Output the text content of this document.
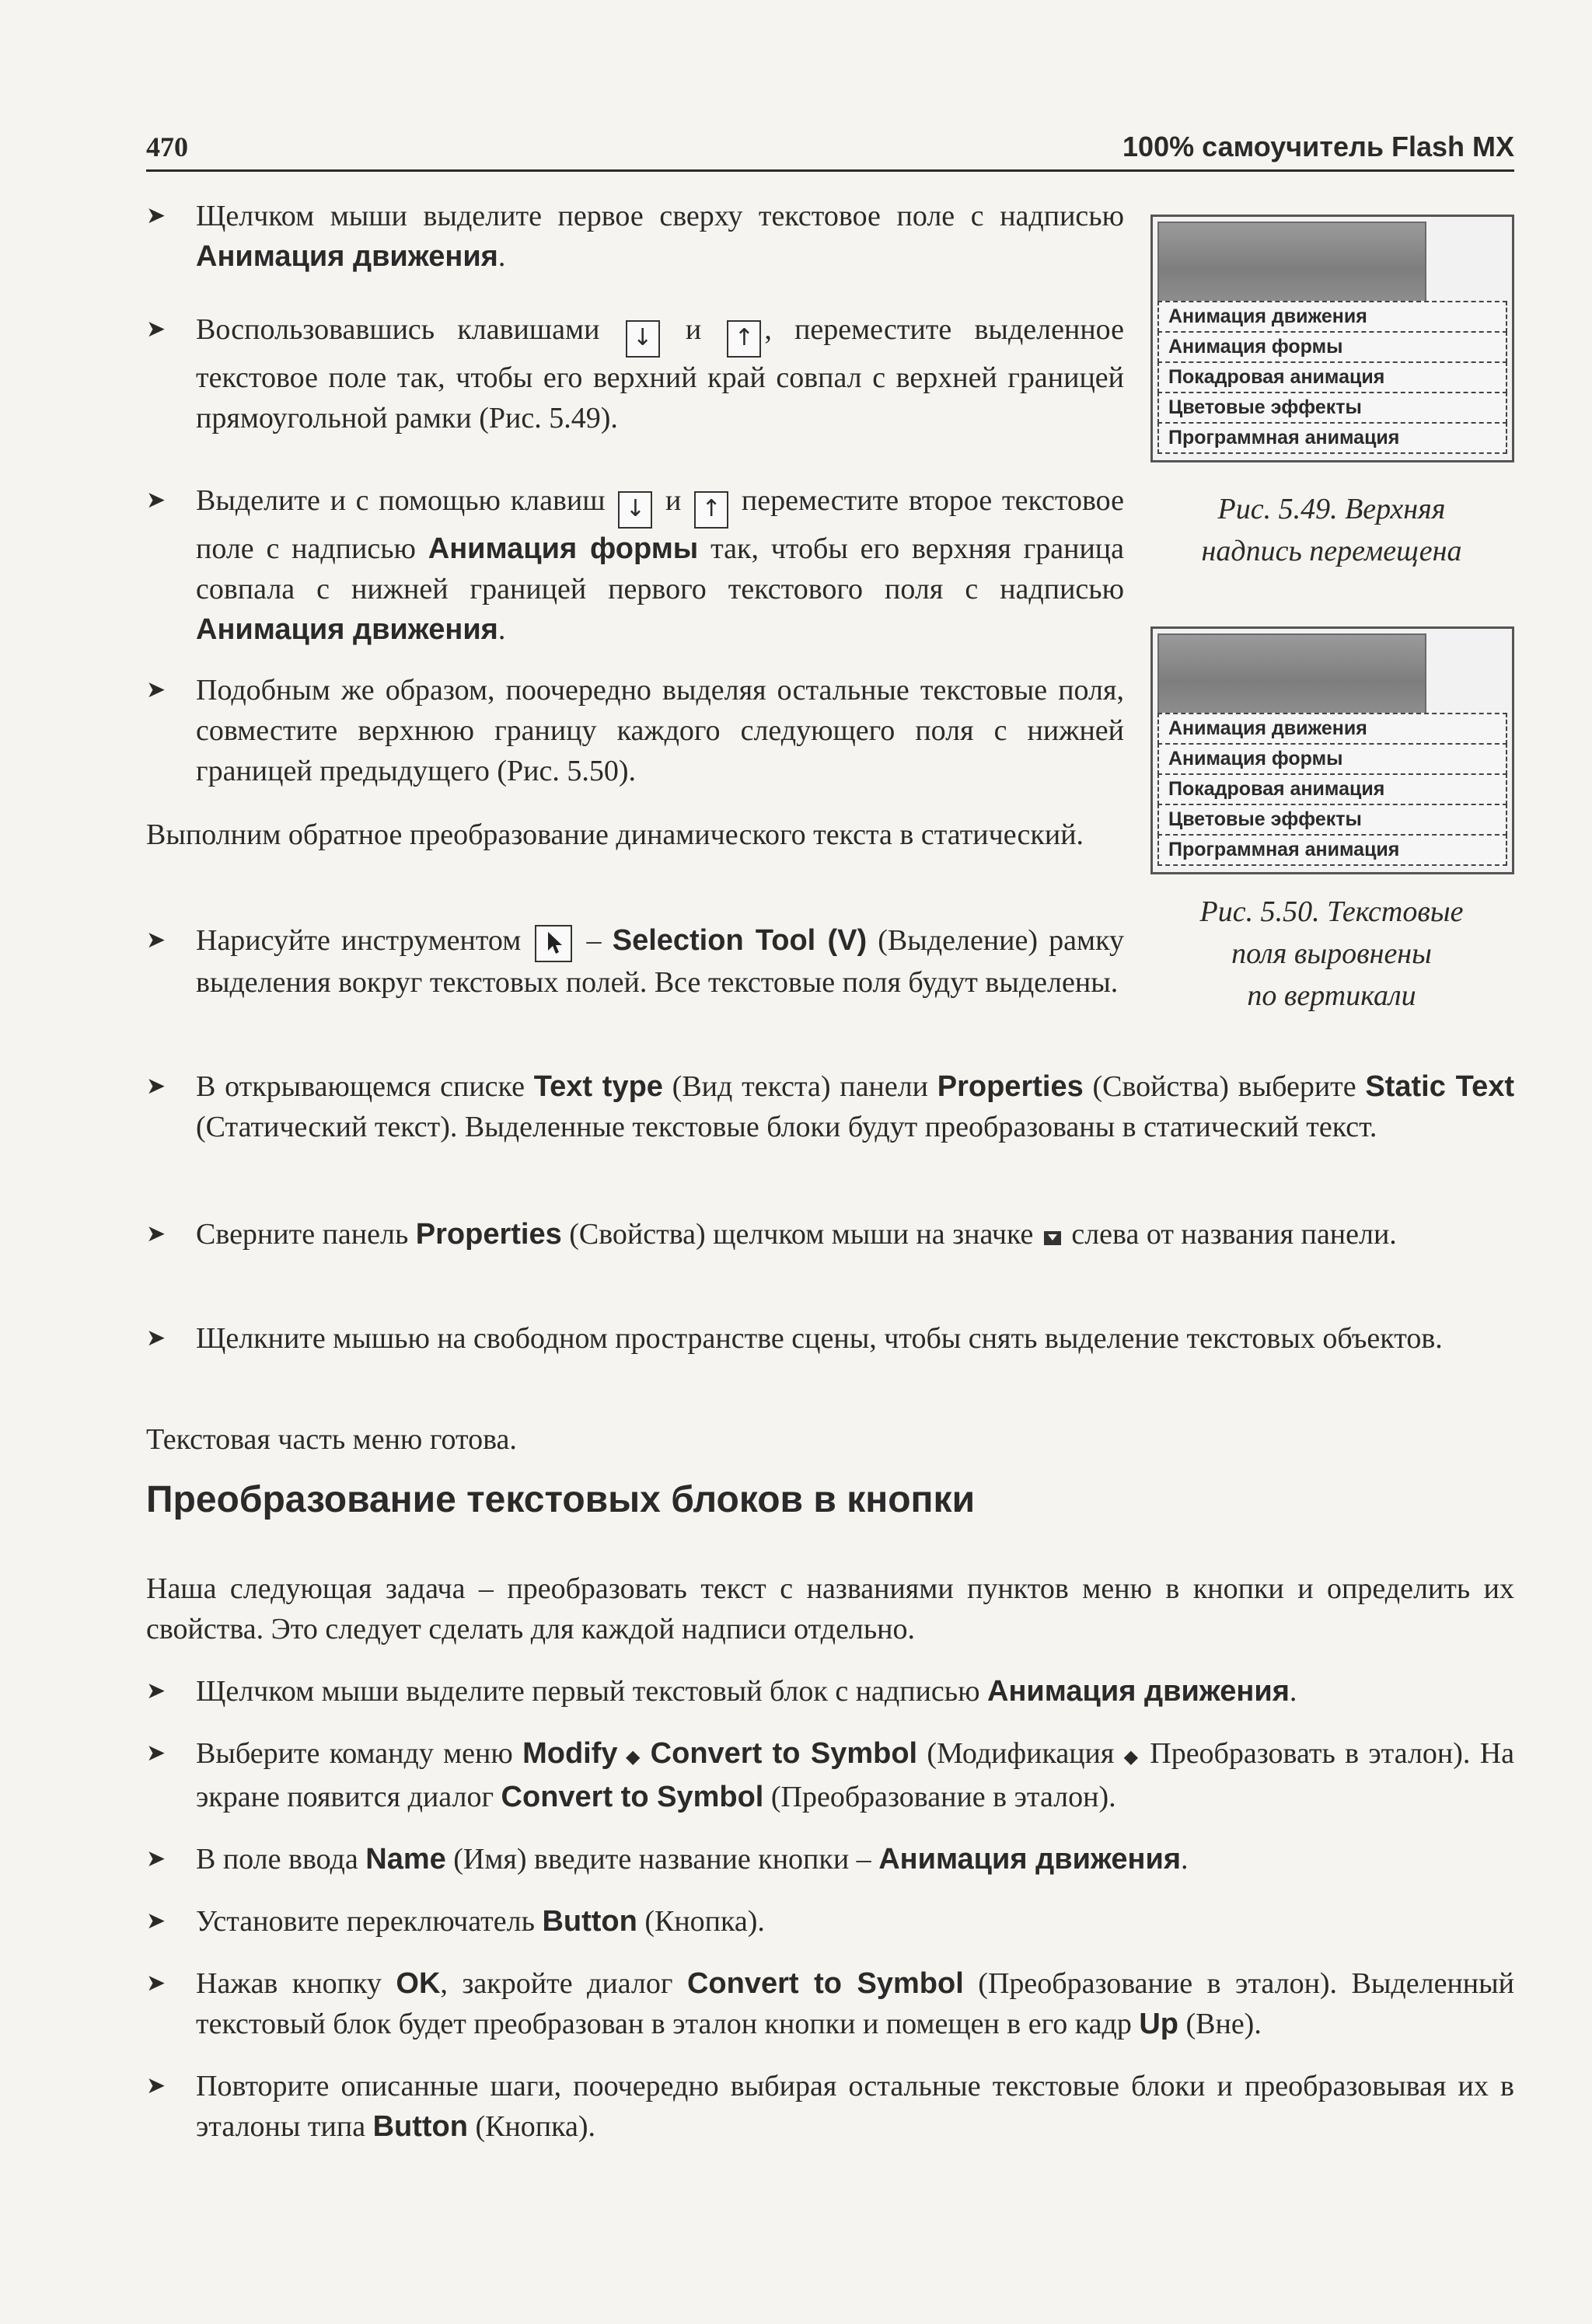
470	100% самоучитель Flash MX
➤	Щелчком мыши выделите первое сверху текстовое поле с надписью Анимация движения.
➤	Воспользовавшись клавишами ↓ и ↑ , переместите выделенное текстовое поле так, чтобы его верхний край совпал с верхней границей прямоугольной рамки (Рис. 5.49).
➤	Выделите и с помощью клавиш ↓ и ↑ переместите второе текстовое поле с надписью Анимация формы так, чтобы его верхняя граница совпала с нижней границей первого текстового поля с надписью Анимация движения.
➤	Подобным же образом, поочередно выделяя остальные текстовые поля, совместите верхнюю границу каждого следующего поля с нижней границей предыдущего (Рис. 5.50).

Выполним обратное преобразование динамического текста в статический.

➤	Нарисуйте инструментом  – Selection Tool (V) (Выделение) рамку выделения вокруг текстовых полей. Все текстовые поля будут выделены.
➤	В открывающемся списке Text type (Вид текста) панели Properties (Свойства) выберите Static Text (Статический текст). Выделенные текстовые блоки будут преобразованы в статический текст.
➤	Сверните панель Properties (Свойства) щелчком мыши на значке  слева от названия панели.
➤	Щелкните мышью на свободном пространстве сцены, чтобы снять выделение текстовых объектов.

Текстовая часть меню готова.

Преобразование текстовых блоков в кнопки

Наша следующая задача – преобразовать текст с названиями пунктов меню в кнопки и определить их свойства. Это следует сделать для каждой надписи отдельно.

➤	Щелчком мыши выделите первый текстовый блок с надписью Анимация движения.
➤	Выберите команду меню Modify ◆ Convert to Symbol (Модификация ◆ Преобразовать в эталон). На экране появится диалог Convert to Symbol (Преобразование в эталон).
➤	В поле ввода Name (Имя) введите название кнопки – Анимация движения.
➤	Установите переключатель Button (Кнопка).
➤	Нажав кнопку OK, закройте диалог Convert to Symbol (Преобразование в эталон). Выделенный текстовый блок будет преобразован в эталон кнопки и помещен в его кадр Up (Вне).
➤	Повторите описанные шаги, поочередно выбирая остальные текстовые блоки и преобразовывая их в эталоны типа Button (Кнопка).
Анимация движения
Анимация формы
Покадровая анимация
Цветовые эффекты
Программная анимация
Рис. 5.49. Верхняя
надпись перемещена
Анимация движения
Анимация формы
Покадровая анимация
Цветовые эффекты
Программная анимация
Рис. 5.50. Текстовые
поля выровнены
по вертикали
